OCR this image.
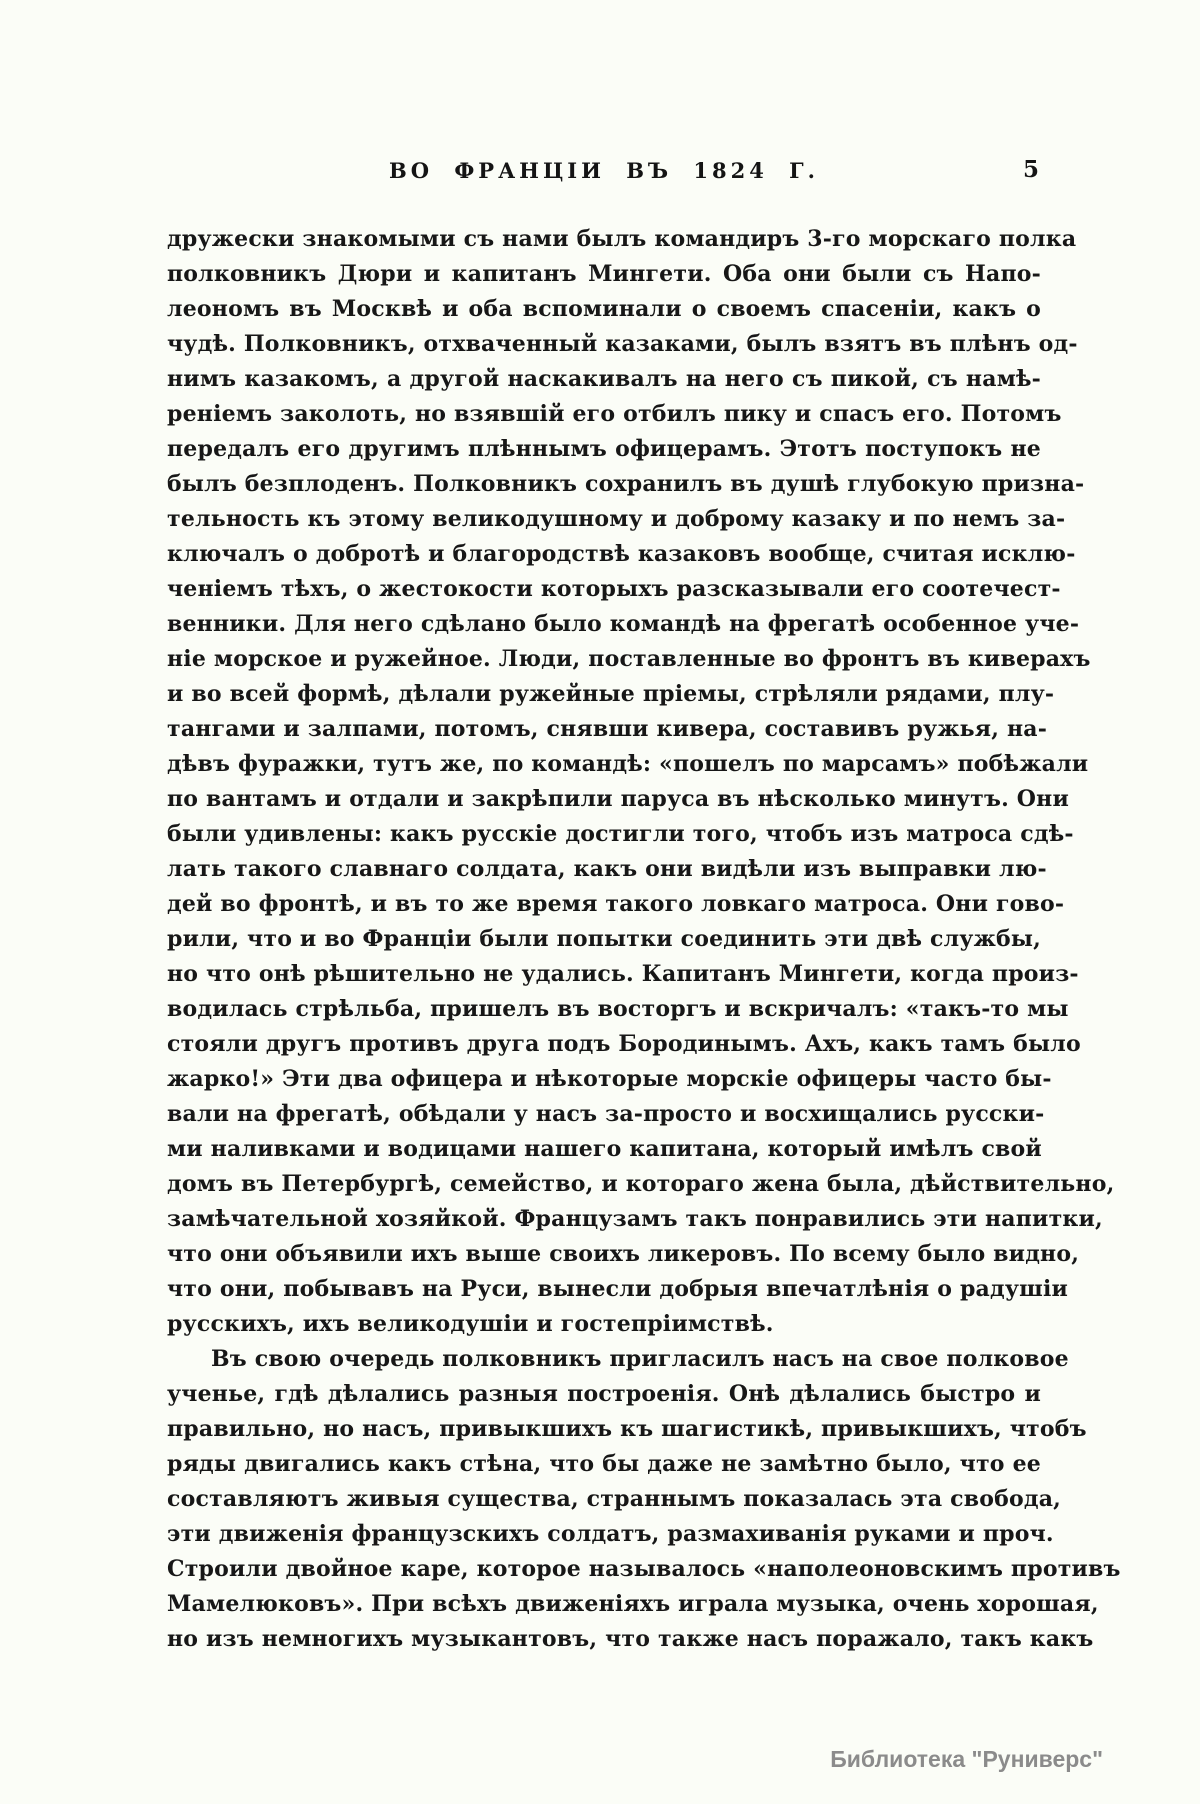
ВО ФРАНЦІИ ВЪ 1824 Г.	5
дружески знакомыми съ нами былъ командиръ 3-го морскаго полка
полковникъ Дюри и капитанъ Мингети. Оба они были съ Напо-
леономъ въ Москвѣ и оба вспоминали о своемъ спасеніи, какъ о
чудѣ. Полковникъ, отхваченный казаками, былъ взятъ въ плѣнъ од-
нимъ казакомъ, а другой наскакивалъ на него съ пикой, съ намѣ-
реніемъ заколоть, но взявшій его отбилъ пику и спасъ его. Потомъ
передалъ его другимъ плѣннымъ офицерамъ. Этотъ поступокъ не
былъ безплоденъ. Полковникъ сохранилъ въ душѣ глубокую призна-
тельность къ этому великодушному и доброму казаку и по немъ за-
ключалъ о добротѣ и благородствѣ казаковъ вообще, считая исклю-
ченіемъ тѣхъ, о жестокости которыхъ разсказывали его соотечест-
венники. Для него сдѣлано было командѣ на фрегатѣ особенное уче-
ніе морское и ружейное. Люди, поставленные во фронтъ въ киверахъ
и во всей формѣ, дѣлали ружейные пріемы, стрѣляли рядами, плу-
тангами и залпами, потомъ, снявши кивера, составивъ ружья, на-
дѣвъ фуражки, тутъ же, по командѣ: «пошелъ по марсамъ» побѣжали
по вантамъ и отдали и закрѣпили паруса въ нѣсколько минутъ. Они
были удивлены: какъ русскіе достигли того, чтобъ изъ матроса сдѣ-
лать такого славнаго солдата, какъ они видѣли изъ выправки лю-
дей во фронтѣ, и въ то же время такого ловкаго матроса. Они гово-
рили, что и во Франціи были попытки соединить эти двѣ службы,
но что онѣ рѣшительно не удались. Капитанъ Мингети, когда произ-
водилась стрѣльба, пришелъ въ восторгъ и вскричалъ: «такъ-то мы
стояли другъ противъ друга подъ Бородинымъ. Ахъ, какъ тамъ было
жарко!» Эти два офицера и нѣкоторые морскіе офицеры часто бы-
вали на фрегатѣ, обѣдали у насъ за-просто и восхищались русски-
ми наливками и водицами нашего капитана, который имѣлъ свой
домъ въ Петербургѣ, семейство, и котораго жена была, дѣйствительно,
замѣчательной хозяйкой. Французамъ такъ понравились эти напитки,
что они объявили ихъ выше своихъ ликеровъ. По всему было видно,
что они, побывавъ на Руси, вынесли добрыя впечатлѣнія о радушіи
русскихъ, ихъ великодушіи и гостепріимствѣ.
Въ свою очередь полковникъ пригласилъ насъ на свое полковое
ученье, гдѣ дѣлались разныя построенія. Онѣ дѣлались быстро и
правильно, но насъ, привыкшихъ къ шагистикѣ, привыкшихъ, чтобъ
ряды двигались какъ стѣна, что бы даже не замѣтно было, что ее
составляютъ живыя существа, страннымъ показалась эта свобода,
эти движенія французскихъ солдатъ, размахиванія руками и проч.
Строили двойное каре, которое называлось «наполеоновскимъ противъ
Мамелюковъ». При всѣхъ движеніяхъ играла музыка, очень хорошая,
но изъ немногихъ музыкантовъ, что также насъ поражало, такъ какъ
Библиотека "Руниверс"
